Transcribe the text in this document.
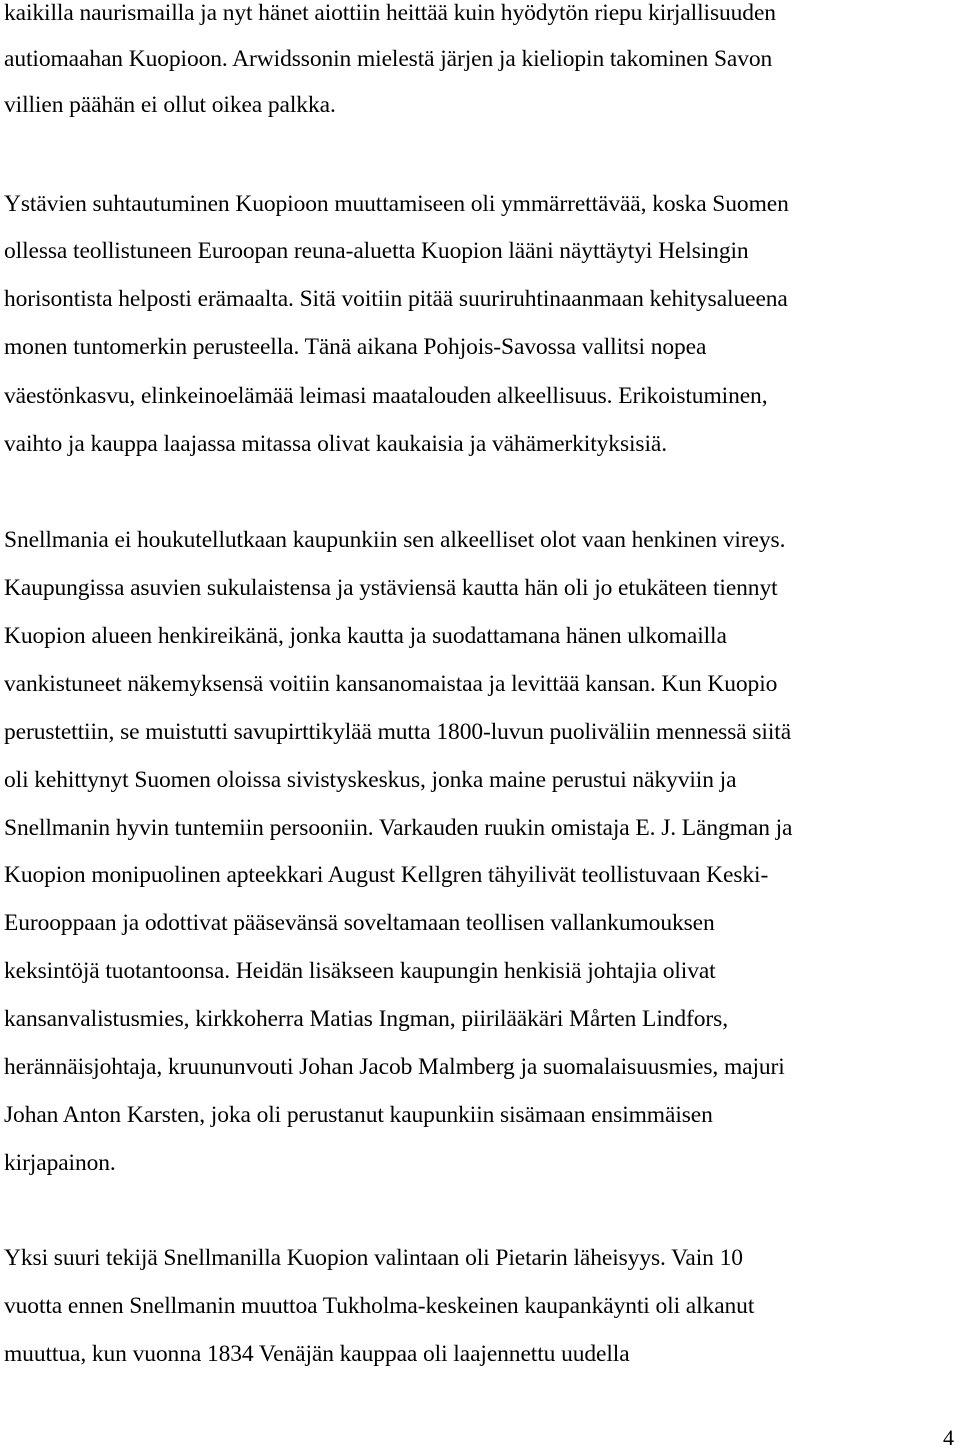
kaikilla naurismailla ja nyt hänet aiottiin heittää kuin hyödytön riepu kirjallisuuden
autiomaahan Kuopioon. Arwidssonin mielestä järjen ja kieliopin takominen Savon
villien päähän ei ollut oikea palkka.
Ystävien suhtautuminen Kuopioon muuttamiseen oli ymmärrettävää, koska Suomen
ollessa teollistuneen Euroopan reuna-aluetta Kuopion lääni näyttäytyi Helsingin
horisontista helposti erämaalta. Sitä voitiin pitää suuriruhtinaanmaan kehitysalueena
monen tuntomerkin perusteella. Tänä aikana Pohjois-Savossa vallitsi nopea
väestönkasvu, elinkeinoelämää leimasi maatalouden alkeellisuus. Erikoistuminen,
vaihto ja kauppa laajassa mitassa olivat kaukaisia ja vähämerkityksisiä.
Snellmania ei houkutellutkaan kaupunkiin sen alkeelliset olot vaan henkinen vireys.
Kaupungissa asuvien sukulaistensa ja ystäviensä kautta hän oli jo etukäteen tiennyt
Kuopion alueen henkireikänä, jonka kautta ja suodattamana hänen ulkomailla
vankistuneet näkemyksensä voitiin kansanomaistaa ja levittää kansan. Kun Kuopio
perustettiin, se muistutti savupirttikylää mutta 1800-luvun puoliväliin mennessä siitä
oli kehittynyt Suomen oloissa sivistyskeskus, jonka maine perustui näkyviin ja
Snellmanin hyvin tuntemiin persooniin. Varkauden ruukin omistaja E. J. Längman ja
Kuopion monipuolinen apteekkari August Kellgren tähyilivät teollistuvaan Keski-
Eurooppaan ja odottivat pääsevänsä soveltamaan teollisen vallankumouksen
keksintöjä tuotantoonsa. Heidän lisäkseen kaupungin henkisiä johtajia olivat
kansanvalistusmies, kirkkoherra Matias Ingman, piirilääkäri Mårten Lindfors,
herännäisjohtaja, kruununvouti Johan Jacob Malmberg ja suomalaisuusmies, majuri
Johan Anton Karsten, joka oli perustanut kaupunkiin sisämaan ensimmäisen
kirjapainon.
Yksi suuri tekijä Snellmanilla Kuopion valintaan oli Pietarin läheisyys. Vain 10
vuotta ennen Snellmanin muuttoa Tukholma-keskeinen kaupankäynti oli alkanut
muuttua, kun vuonna 1834 Venäjän kauppaa oli laajennettu uudella
4
